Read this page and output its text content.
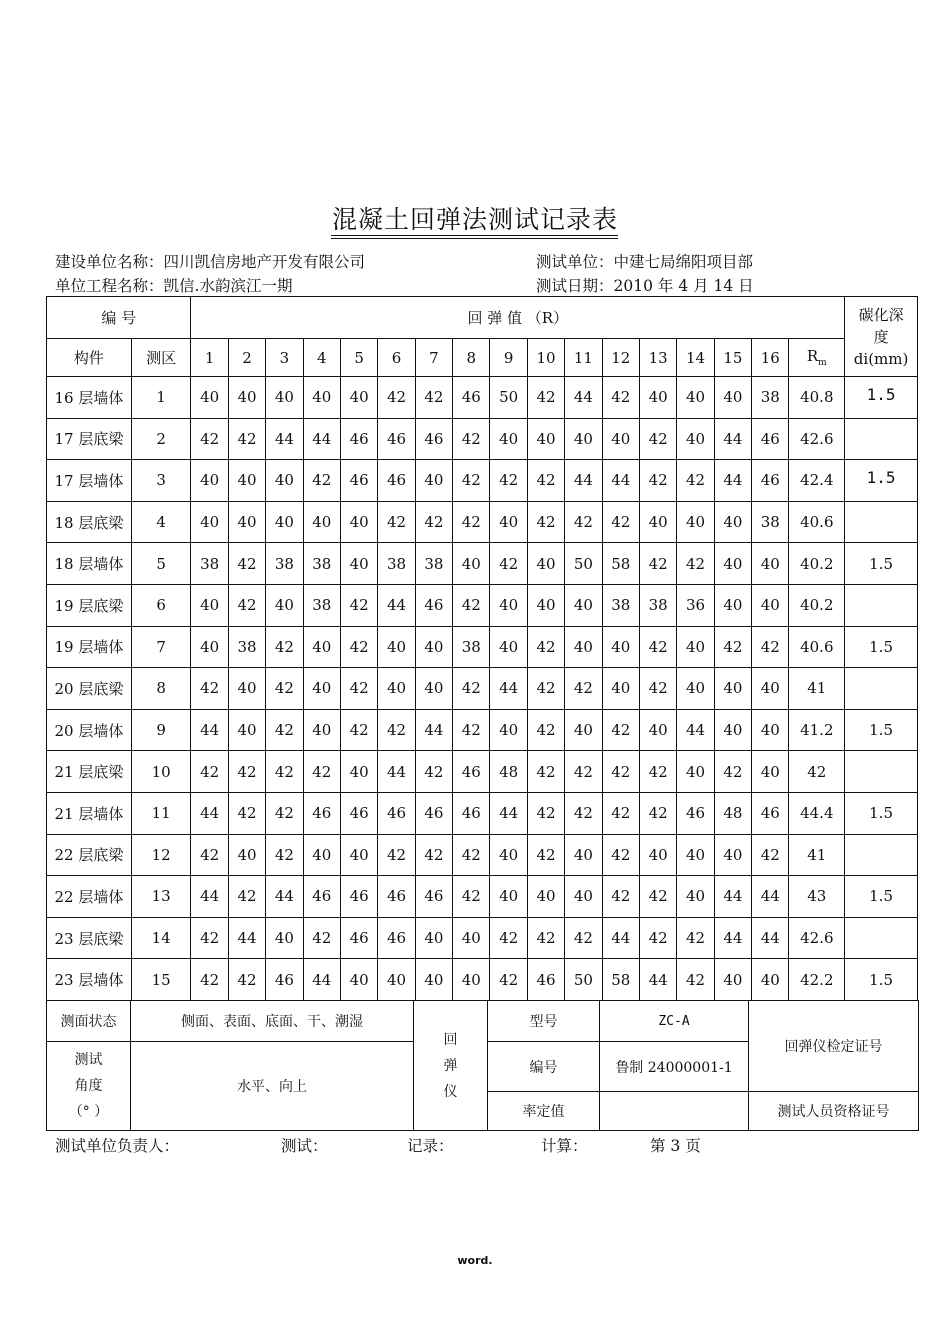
混凝土回弹法测试记录表
建设单位名称：四川凯信房地产开发有限公司	测试单位：中建七局绵阳项目部
单位工程名称：凯信.水韵滨江一期	测试日期：2010 年 4 月 14 日
编 号		回 弹 值 （R）																	碳化深
度
di(mm)

构件	测区	1	2	3	4	5	6	7	8	9	10	11	12	13	14	15	16	$R_m$
16 层墙体	1	40	40	40	40	40	42	42	46	50	42	44	42	40	40	40	38	40.8	1.5
17 层底梁	2	42	42	44	44	46	46	46	42	40	40	40	40	42	40	44	46	42.6	
17 层墙体	3	40	40	40	42	46	46	40	42	42	42	44	44	42	42	44	46	42.4	1.5
18 层底梁	4	40	40	40	40	40	42	42	42	40	42	42	42	40	40	40	38	40.6	
18 层墙体	5	38	42	38	38	40	38	38	40	42	40	50	58	42	42	40	40	40.2	1.5
19 层底梁	6	40	42	40	38	42	44	46	42	40	40	40	38	38	36	40	40	40.2	
19 层墙体	7	40	38	42	40	42	40	40	38	40	42	40	40	42	40	42	42	40.6	1.5
20 层底梁	8	42	40	42	40	42	40	40	42	44	42	42	40	42	40	40	40	41	
20 层墙体	9	44	40	42	40	42	42	44	42	40	42	40	42	40	44	40	40	41.2	1.5
21 层底梁	10	42	42	42	42	40	44	42	46	48	42	42	42	42	40	42	40	42	
21 层墙体	11	44	42	42	46	46	46	46	46	44	42	42	42	42	46	48	46	44.4	1.5
22 层底梁	12	42	40	42	40	40	42	42	42	40	42	40	42	40	40	40	42	41	
22 层墙体	13	44	42	44	46	46	46	46	42	40	40	40	42	42	40	44	44	43	1.5
23 层底梁	14	42	44	40	42	46	46	40	40	42	42	42	44	42	42	44	44	42.6	
23 层墙体	15	42	42	46	44	40	40	40	40	42	46	50	58	44	42	40	40	42.2	1.5
测面状态	侧面、表面、底面、干、潮湿	回
弹
仪	型号	ZC-A	回弹仪检定证号

测试
角度
（° ）	水平、向上		编号	鲁制 24000001-1	
			率定值		测试人员资格证号
测试单位负责人：	测试：	记录：	计算：	第 3 页
word.
